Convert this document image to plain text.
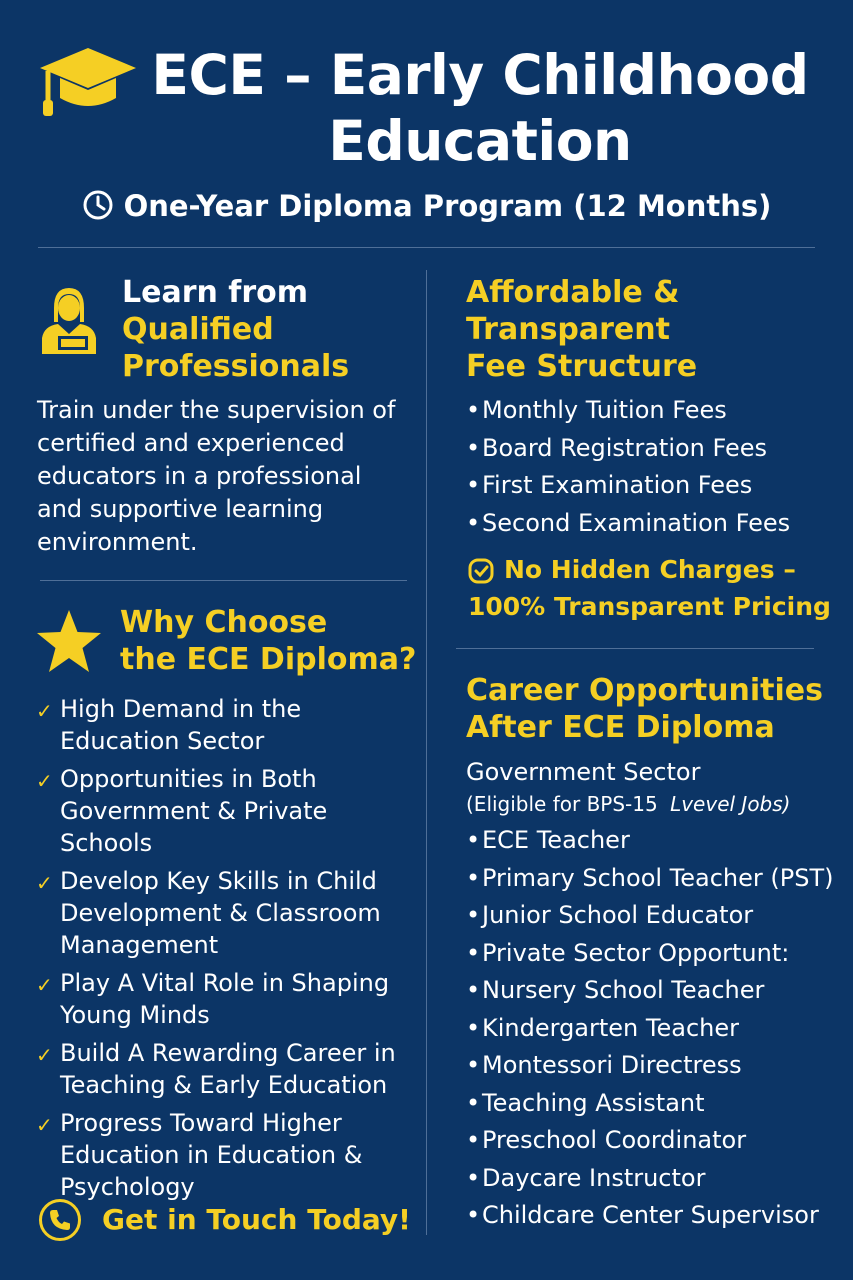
ECE – Early Childhood Education
One-Year Diploma Program (12 Months)
Learn from
Qualified
Professionals

Train under the supervision of certified and experienced educators in a professional and supportive learning environment.

Why Choose
the ECE Diploma?
✓ High Demand in the Education Sector
✓ Opportunities in Both Government & Private Schools
✓ Develop Key Skills in Child Development & Classroom Management
✓ Play A Vital Role in Shaping Young Minds
✓ Build A Rewarding Career in Teaching & Early Education
✓ Progress Toward Higher Education in Education & Psychology
Get in Touch Today!
Affordable &
Transparent
Fee Structure
• Monthly Tuition Fees
• Board Registration Fees
• First Examination Fees
• Second Examination Fees
No Hidden Charges –
100% Transparent Pricing
Career Opportunities
After ECE Diploma
Government Sector
(Eligible for BPS-15 Lvevel Jobs)
• ECE Teacher
• Primary School Teacher (PST)
• Junior School Educator
• Private Sector Opportunt:
• Nursery School Teacher
• Kindergarten Teacher
• Montessori Directress
• Teaching Assistant
• Preschool Coordinator
• Daycare Instructor
• Childcare Center Supervisor
